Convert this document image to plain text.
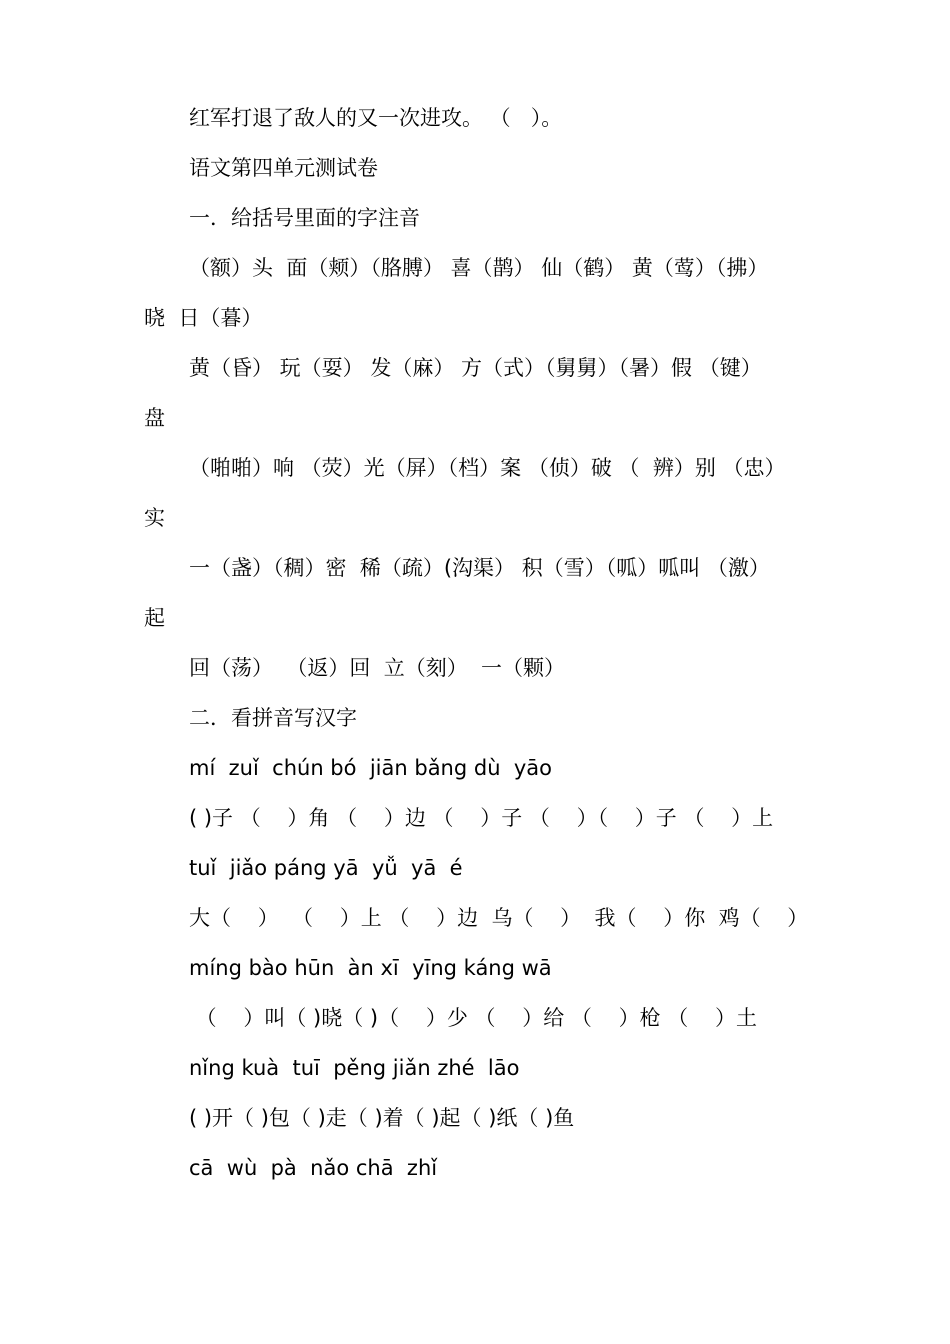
红军打退了敌人的又一次进攻。 （   ）。
语文第四单元测试卷
一．给括号里面的字注音
（额）头  面（颊）（胳膊） 喜（鹊） 仙（鹤） 黄（莺）（拂）
晓  日（暮）
黄（昏） 玩（耍） 发（麻） 方（式）（舅舅）（暑）假 （键）
盘
（啪啪）响 （荧）光（屏）（档）案 （侦）破 （  辨）别 （忠）
实
一（盏）（稠）密  稀（疏）(沟渠） 积（雪）（呱）呱叫 （激）
起
回（荡）  （返）回  立（刻）  一（颗）
二．看拼音写汉字
mí  zuǐ  chún bó  jiān bǎng dù  yāo
( )子 （    ）角 （    ）边 （    ）子 （    ）（    ）子 （    ）上
tuǐ  jiǎo páng yā  yǚ  yā  é
大（    ）  （    ）上 （    ）边  乌（    ）  我（    ）你  鸡（    ）
míng bào hūn  àn xī  yīng káng wā
（    ）叫（ )晓（ )（    ）少 （    ）给 （    ）枪 （    ）土
nǐng kuà  tuī  pěng jiǎn zhé  lāo
( )开（ )包（ )走（ )着（ )起（ )纸（ )鱼
cā  wù  pà  nǎo chā  zhǐ
